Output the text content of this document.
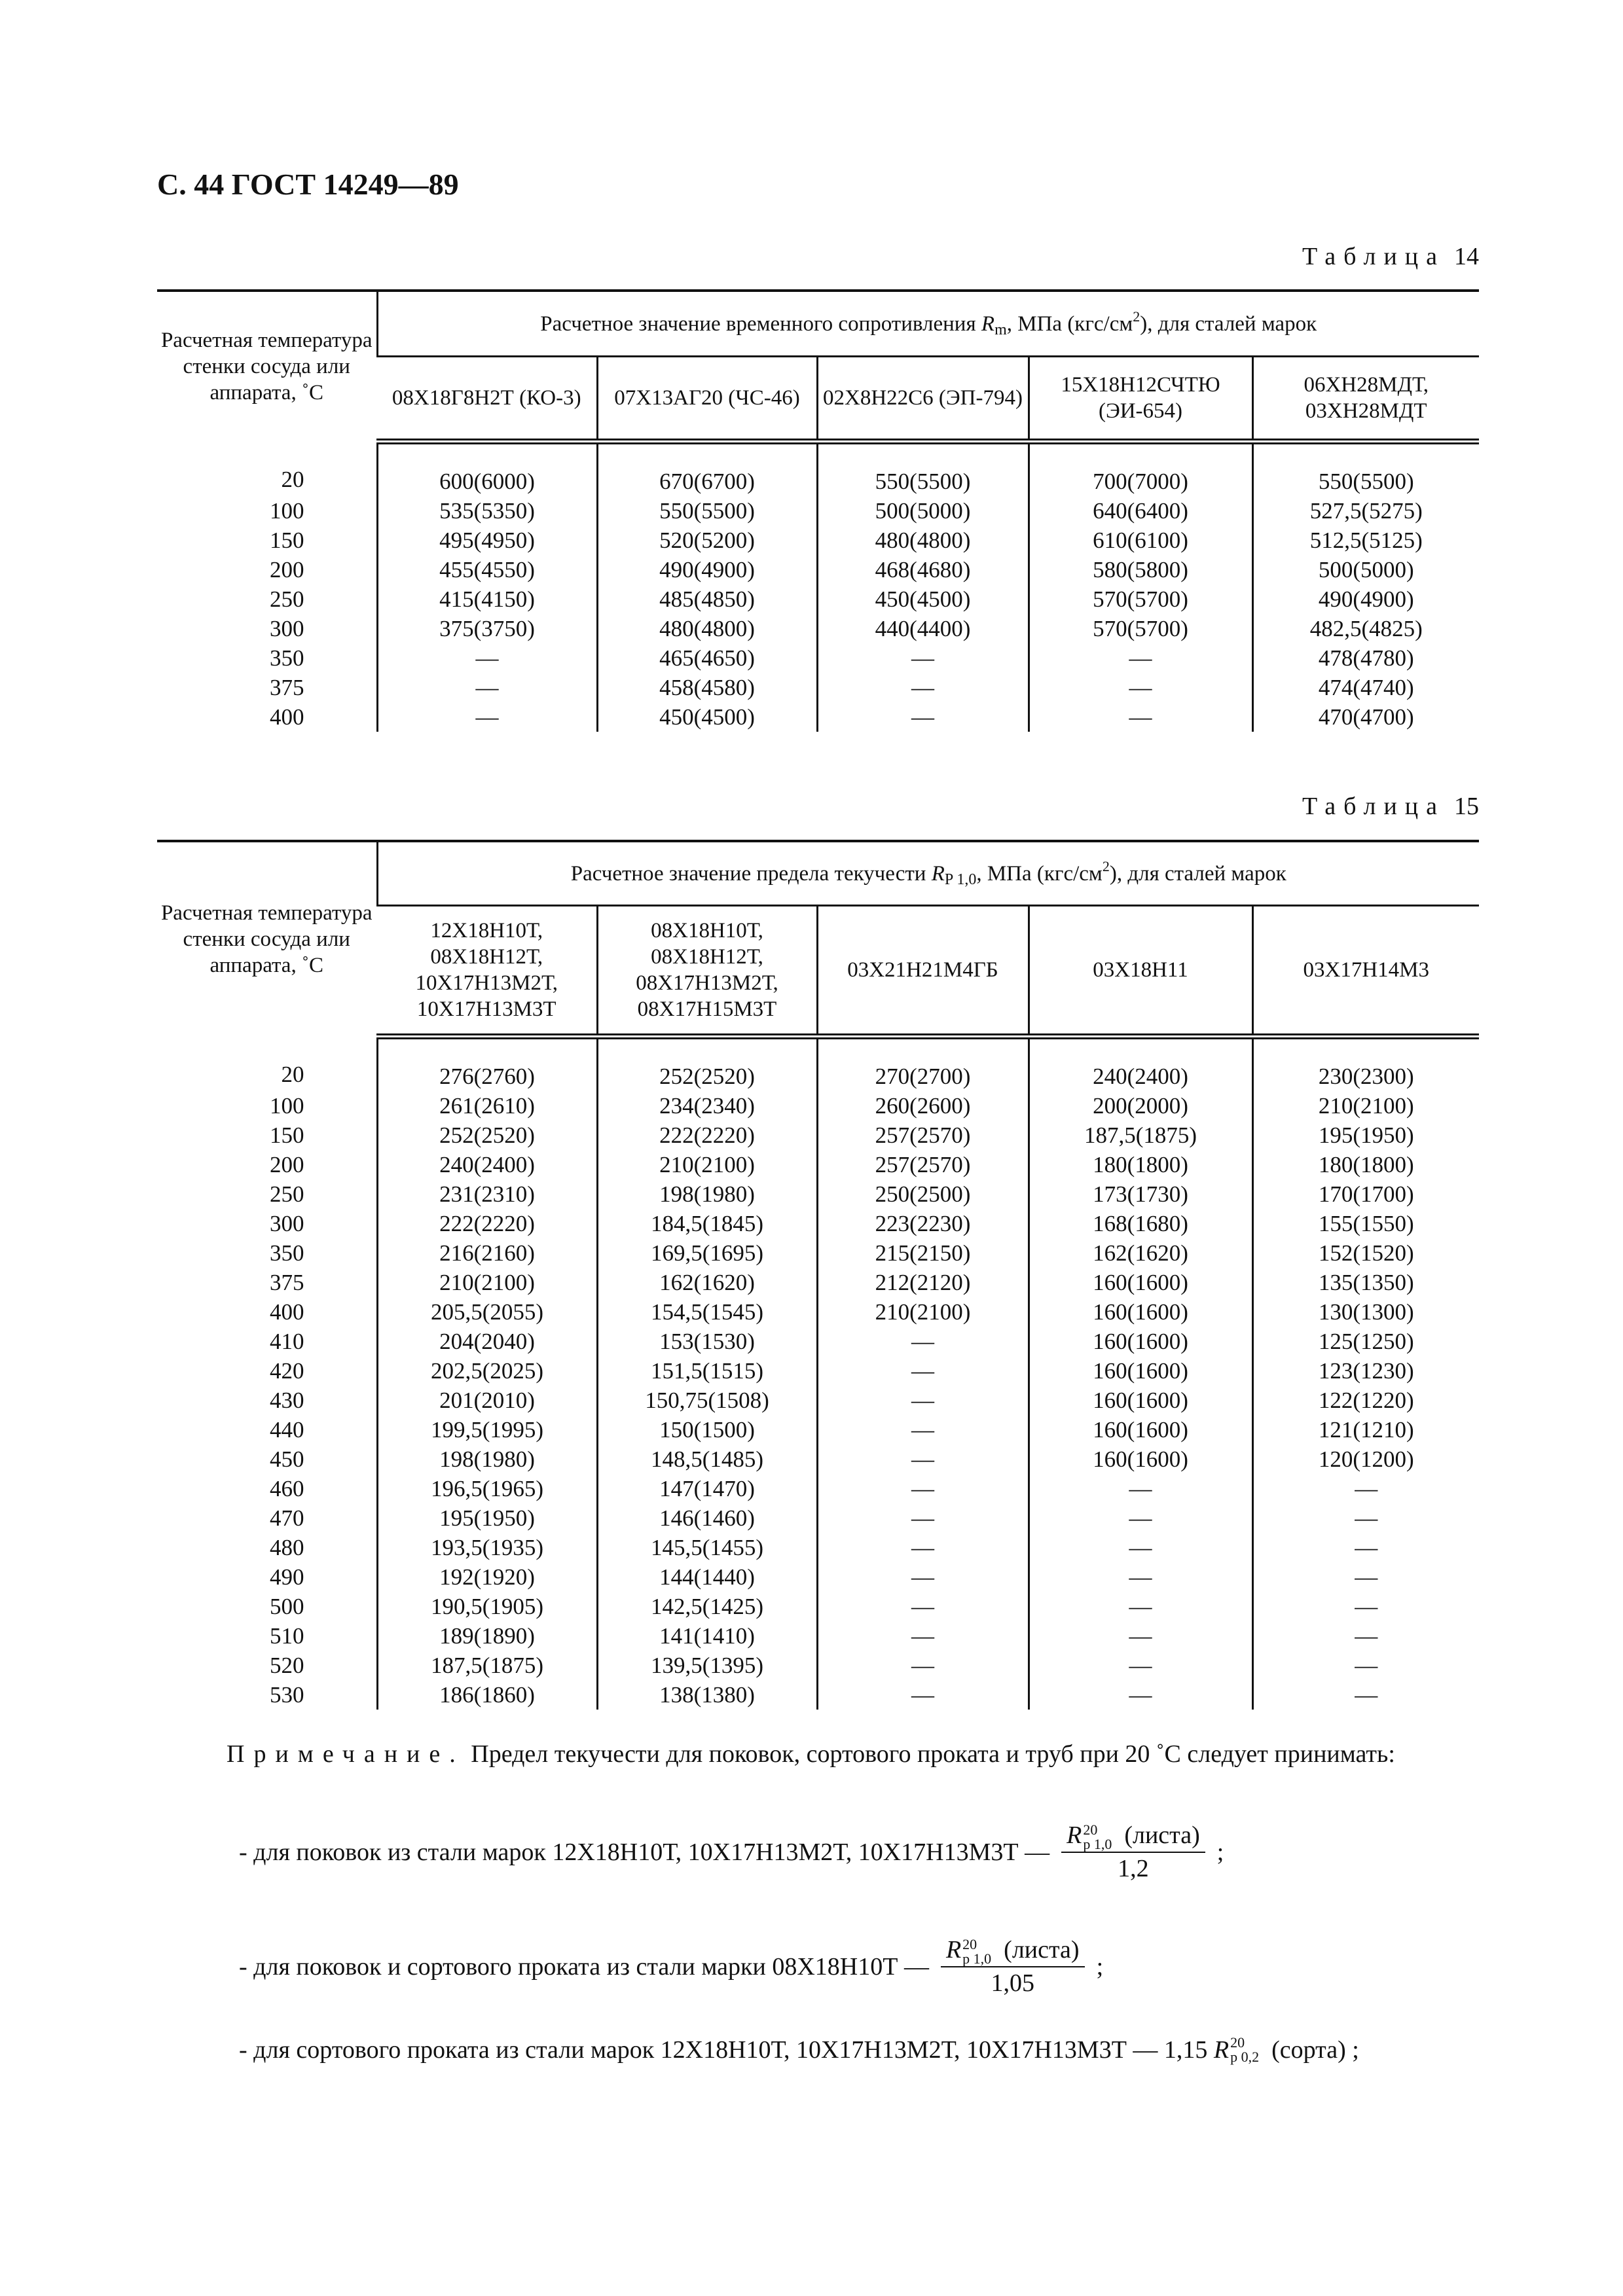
С. 44 ГОСТ 14249—89
Таблица 14
Расчетная температура стенки сосуда или аппарата, ˚С	Расчетное значение временного сопротивления $R_m$, МПа $(кгс/см^2)$, для сталей марок				
	08Х18Г8Н2Т (КО-3)	07Х13АГ20 (ЧС-46)	02Х8Н22С6 (ЭП-794)	15Х18Н12СЧТЮ (ЭИ-654)	06ХН28МДТ, 03ХН28МДТ
20	600(6000)	670(6700)	550(5500)	700(7000)	550(5500)
100	535(5350)	550(5500)	500(5000)	640(6400)	527,5(5275)
150	495(4950)	520(5200)	480(4800)	610(6100)	512,5(5125)
200	455(4550)	490(4900)	468(4680)	580(5800)	500(5000)
250	415(4150)	485(4850)	450(4500)	570(5700)	490(4900)
300	375(3750)	480(4800)	440(4400)	570(5700)	482,5(4825)
350	—	465(4650)	—	—	478(4780)
375	—	458(4580)	—	—	474(4740)
400	—	450(4500)	—	—	470(4700)
Таблица 15
Расчетная температура стенки сосуда или аппарата, ˚С	Расчетное значение предела текучести $R_{P 1,0}$, МПа $(кгс/см^2)$, для сталей марок				
	12Х18Н10Т, 08Х18Н12Т, 10Х17Н13М2Т, 10Х17Н13М3Т	08Х18Н10Т, 08Х18Н12Т, 08Х17Н13М2Т, 08Х17Н15М3Т	03Х21Н21М4ГБ	03Х18Н11	03Х17Н14М3
20	276(2760)	252(2520)	270(2700)	240(2400)	230(2300)
100	261(2610)	234(2340)	260(2600)	200(2000)	210(2100)
150	252(2520)	222(2220)	257(2570)	187,5(1875)	195(1950)
200	240(2400)	210(2100)	257(2570)	180(1800)	180(1800)
250	231(2310)	198(1980)	250(2500)	173(1730)	170(1700)
300	222(2220)	184,5(1845)	223(2230)	168(1680)	155(1550)
350	216(2160)	169,5(1695)	215(2150)	162(1620)	152(1520)
375	210(2100)	162(1620)	212(2120)	160(1600)	135(1350)
400	205,5(2055)	154,5(1545)	210(2100)	160(1600)	130(1300)
410	204(2040)	153(1530)	—	160(1600)	125(1250)
420	202,5(2025)	151,5(1515)	—	160(1600)	123(1230)
430	201(2010)	150,75(1508)	—	160(1600)	122(1220)
440	199,5(1995)	150(1500)	—	160(1600)	121(1210)
450	198(1980)	148,5(1485)	—	160(1600)	120(1200)
460	196,5(1965)	147(1470)	—	—	—
470	195(1950)	146(1460)	—	—	—
480	193,5(1935)	145,5(1455)	—	—	—
490	192(1920)	144(1440)	—	—	—
500	190,5(1905)	142,5(1425)	—	—	—
510	189(1890)	141(1410)	—	—	—
520	187,5(1875)	139,5(1395)	—	—	—
530	186(1860)	138(1380)	—	—	—
Примечание. Предел текучести для поковок, сортового проката и труб при 20 ˚С следует принимать:
- для поковок из стали марок 12Х18Н10Т, 10Х17Н13М2Т, 10Х17Н13М3Т — R 20
р 1,0 (листа)
1,2 ;
- для поковок и сортового проката из стали марки 08Х18Н10Т — R 20
р 1,0 (листа)
1,05 ;
- для сортового проката из стали марок 12Х18Н10Т, 10Х17Н13М2Т, 10Х17Н13М3Т — 1,15
R 20
р 0,2
(сорта) ;
